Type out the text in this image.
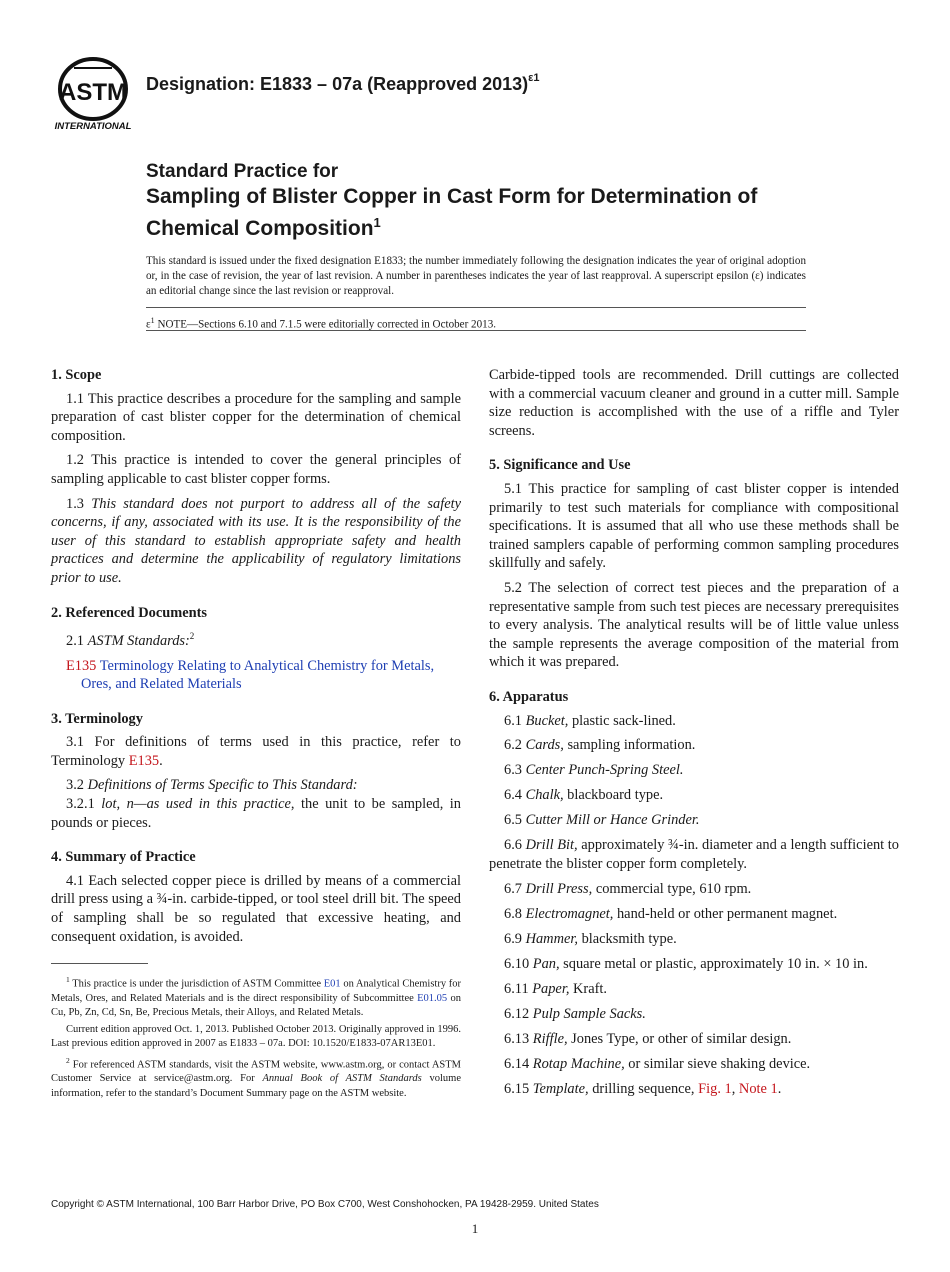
ASTM
INTERNATIONAL
Designation: E1833 – 07a (Reapproved 2013)$^{\varepsilon 1}$
Standard Practice for
Sampling of Blister Copper in Cast Form for Determination of Chemical Composition$^1$
This standard is issued under the fixed designation E1833; the number immediately following the designation indicates the year of original adoption or, in the case of revision, the year of last revision. A number in parentheses indicates the year of last reapproval. A superscript epsilon (ε) indicates an editorial change since the last revision or reapproval.
$\varepsilon^1$ NOTE—Sections 6.10 and 7.1.5 were editorially corrected in October 2013.
1. Scope

1.1 This practice describes a procedure for the sampling and sample preparation of cast blister copper for the determination of chemical composition.

1.2 This practice is intended to cover the general principles of sampling applicable to cast blister copper forms.

1.3 This standard does not purport to address all of the safety concerns, if any, associated with its use. It is the responsibility of the user of this standard to establish appropriate safety and health practices and determine the applicability of regulatory limitations prior to use.

2. Referenced Documents

2.1 ASTM Standards:$^2$

E135 Terminology Relating to Analytical Chemistry for Metals, Ores, and Related Materials

3. Terminology

3.1 For definitions of terms used in this practice, refer to Terminology E135.

3.2 Definitions of Terms Specific to This Standard:

3.2.1 lot, n—as used in this practice, the unit to be sampled, in pounds or pieces.

4. Summary of Practice

4.1 Each selected copper piece is drilled by means of a commercial drill press using a ¾-in. carbide-tipped, or tool steel drill bit. The speed of sampling shall be so regulated that excessive heating, and consequent oxidation, is avoided.

$^1$ This practice is under the jurisdiction of ASTM Committee E01 on Analytical Chemistry for Metals, Ores, and Related Materials and is the direct responsibility of Subcommittee E01.05 on Cu, Pb, Zn, Cd, Sn, Be, Precious Metals, their Alloys, and Related Metals.

Current edition approved Oct. 1, 2013. Published October 2013. Originally approved in 1996. Last previous edition approved in 2007 as E1833 – 07a. DOI: 10.1520/E1833-07AR13E01.

$^2$ For referenced ASTM standards, visit the ASTM website, www.astm.org, or contact ASTM Customer Service at service@astm.org. For Annual Book of ASTM Standards volume information, refer to the standard’s Document Summary page on the ASTM website.

Carbide-tipped tools are recommended. Drill cuttings are collected with a commercial vacuum cleaner and ground in a cutter mill. Sample size reduction is accomplished with the use of a riffle and Tyler screens.

5. Significance and Use

5.1 This practice for sampling of cast blister copper is intended primarily to test such materials for compliance with compositional specifications. It is assumed that all who use these methods shall be trained samplers capable of performing common sampling procedures skillfully and safely.

5.2 The selection of correct test pieces and the preparation of a representative sample from such test pieces are necessary prerequisites to every analysis. The analytical results will be of little value unless the sample represents the average composition of the material from which it was prepared.

6. Apparatus

6.1 Bucket, plastic sack-lined.

6.2 Cards, sampling information.

6.3 Center Punch-Spring Steel.

6.4 Chalk, blackboard type.

6.5 Cutter Mill or Hance Grinder.

6.6 Drill Bit, approximately ¾-in. diameter and a length sufficient to penetrate the blister copper form completely.

6.7 Drill Press, commercial type, 610 rpm.

6.8 Electromagnet, hand-held or other permanent magnet.

6.9 Hammer, blacksmith type.

6.10 Pan, square metal or plastic, approximately 10 in. × 10 in.

6.11 Paper, Kraft.

6.12 Pulp Sample Sacks.

6.13 Riffle, Jones Type, or other of similar design.

6.14 Rotap Machine, or similar sieve shaking device.

6.15 Template, drilling sequence, Fig. 1, Note 1.

Copyright © ASTM International, 100 Barr Harbor Drive, PO Box C700, West Conshohocken, PA 19428-2959. United States
1
